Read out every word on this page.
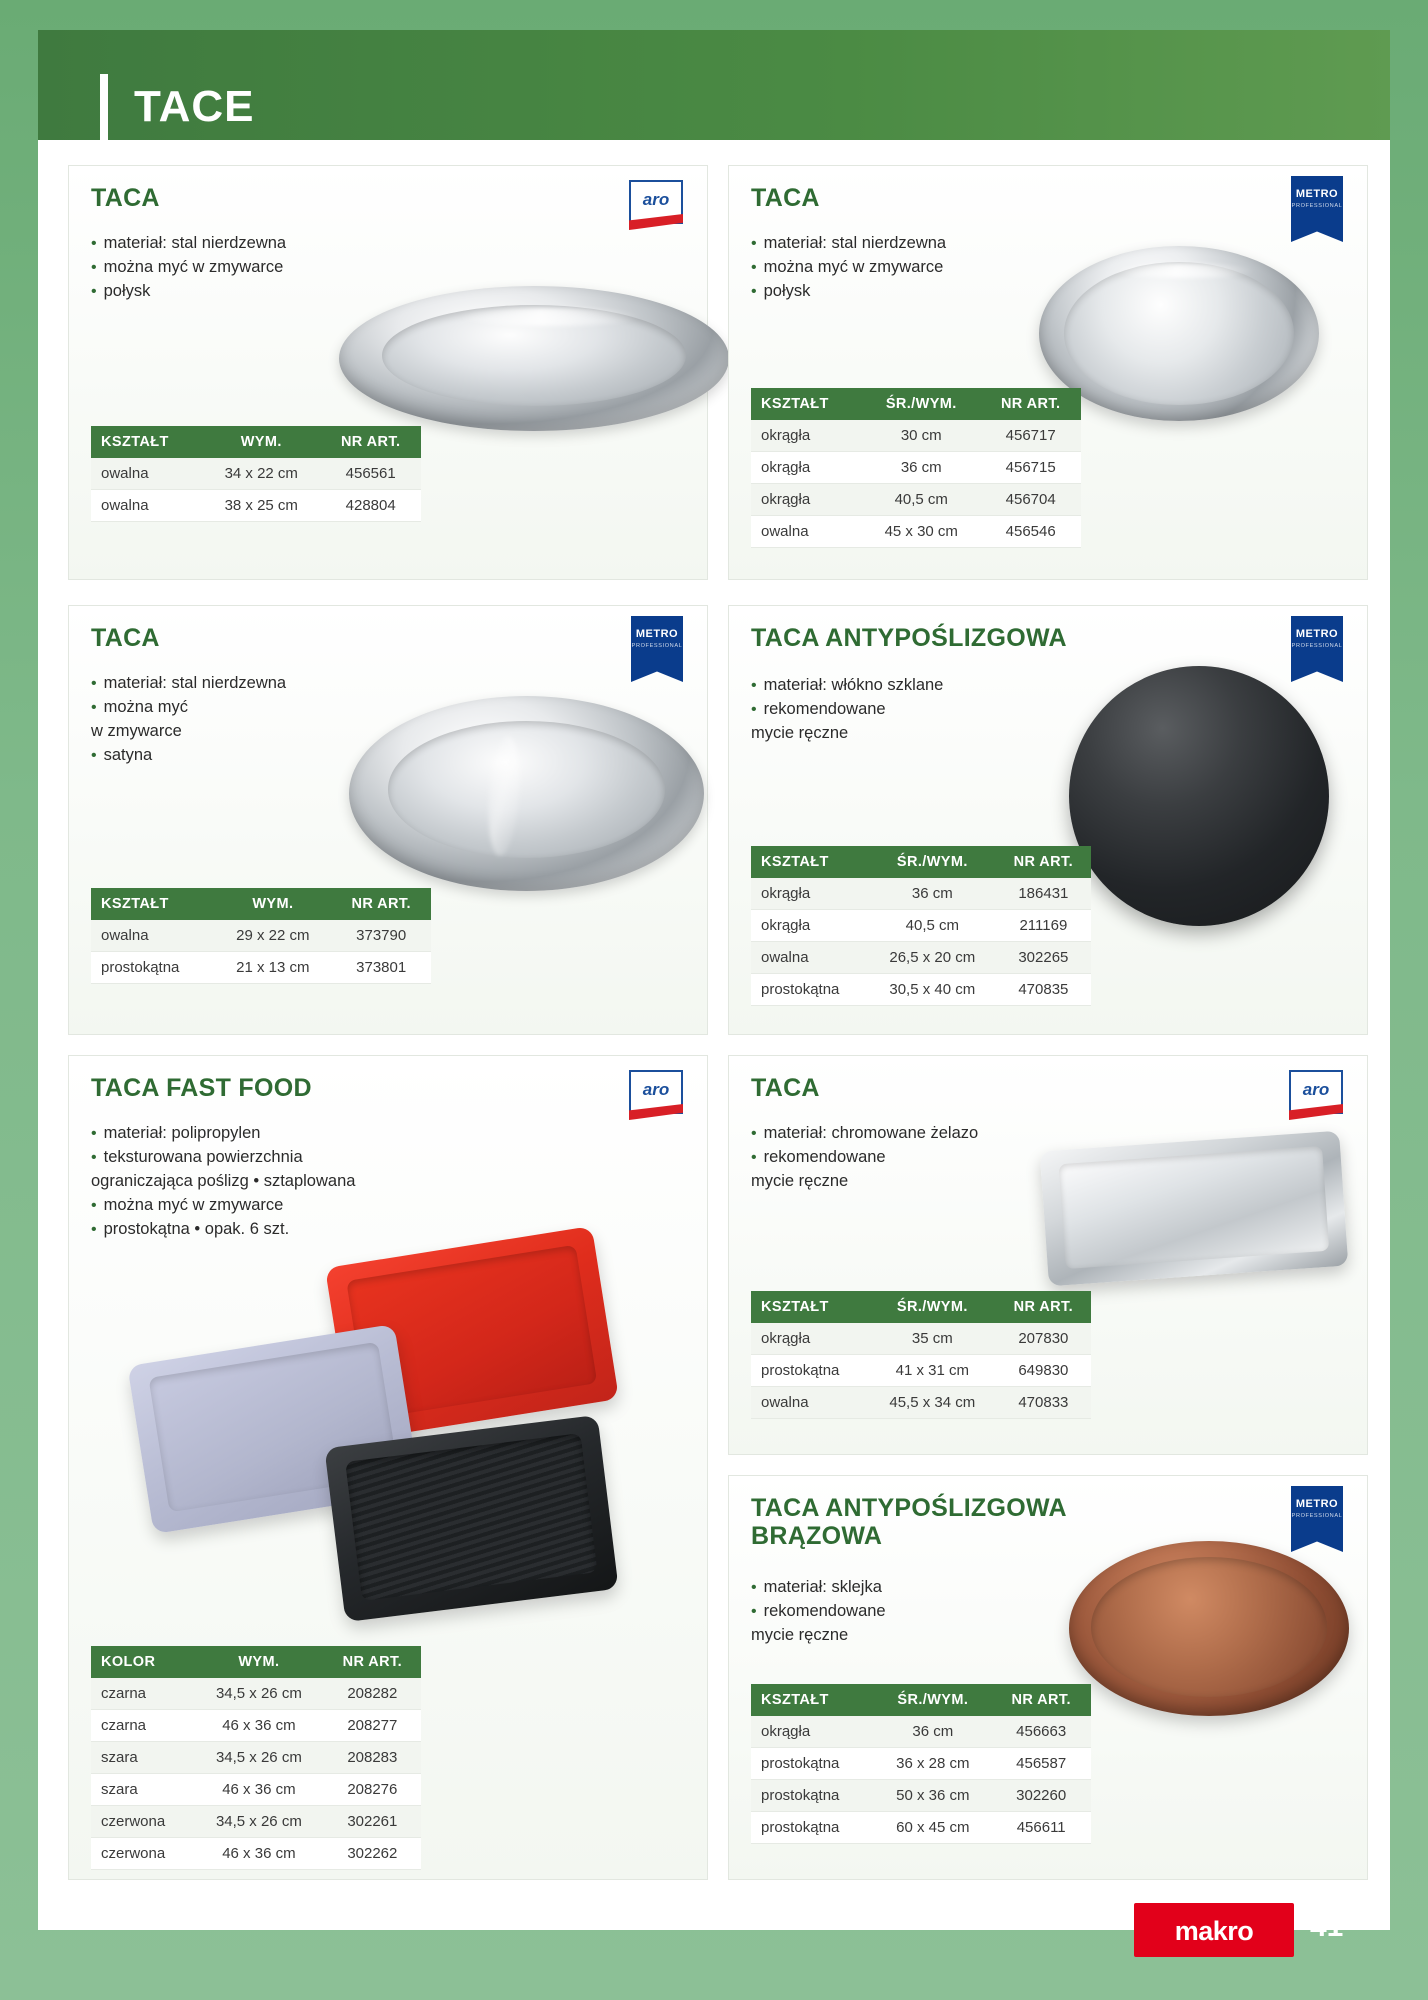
TACE
TACA
• materiał: stal nierdzewna
• można myć w zmywarce
• połysk
aro
KSZTAŁT	WYM.	NR ART.
owalna	34 x 22 cm	456561
owalna	38 x 25 cm	428804
TACA
• materiał: stal nierdzewna
• można myć w zmywarce
• połysk
METRO
PROFESSIONAL
KSZTAŁT	ŚR./WYM.	NR ART.
okrągła	30 cm	456717
okrągła	36 cm	456715
okrągła	40,5 cm	456704
owalna	45 x 30 cm	456546
TACA
• materiał: stal nierdzewna
• można myć
w zmywarce
• satyna
METRO
PROFESSIONAL
KSZTAŁT	WYM.	NR ART.
owalna	29 x 22 cm	373790
prostokątna	21 x 13 cm	373801
TACA ANTYPOŚLIZGOWA
• materiał: włókno szklane
• rekomendowane
mycie ręczne
METRO
PROFESSIONAL
KSZTAŁT	ŚR./WYM.	NR ART.
okrągła	36 cm	186431
okrągła	40,5 cm	211169
owalna	26,5 x 20 cm	302265
prostokątna	30,5 x 40 cm	470835
TACA FAST FOOD
• materiał: polipropylen
• teksturowana powierzchnia
ograniczająca poślizg • sztaplowana
• można myć w zmywarce
• prostokątna • opak. 6 szt.
aro
KOLOR	WYM.	NR ART.
czarna	34,5 x 26 cm	208282
czarna	46 x 36 cm	208277
szara	34,5 x 26 cm	208283
szara	46 x 36 cm	208276
czerwona	34,5 x 26 cm	302261
czerwona	46 x 36 cm	302262
TACA
• materiał: chromowane żelazo
• rekomendowane
mycie ręczne
aro
KSZTAŁT	ŚR./WYM.	NR ART.
okrągła	35 cm	207830
prostokątna	41 x 31 cm	649830
owalna	45,5 x 34 cm	470833
TACA ANTYPOŚLIZGOWA
BRĄZOWA
• materiał: sklejka
• rekomendowane
mycie ręczne
METRO
PROFESSIONAL
KSZTAŁT	ŚR./WYM.	NR ART.
okrągła	36 cm	456663
prostokątna	36 x 28 cm	456587
prostokątna	50 x 36 cm	302260
prostokątna	60 x 45 cm	456611
makro	41
